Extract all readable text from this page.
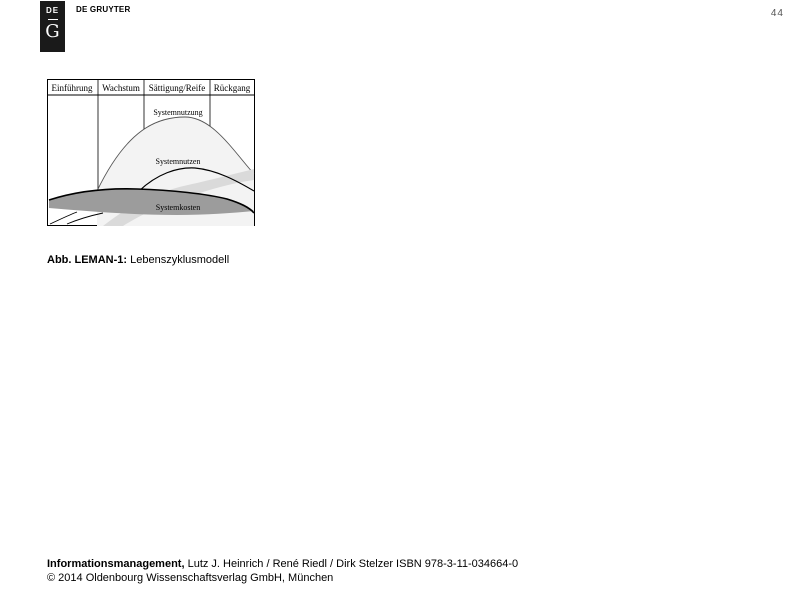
DE
G
DE GRUYTER	44
Einführung Wachstum Sättigung/Reife Rückgang
Systemnutzung
Systemnutzen
Systemkosten
Abb. LEMAN-1: Lebenszyklusmodell
Informationsmanagement, Lutz J. Heinrich / René Riedl / Dirk Stelzer ISBN 978-3-11-034664-0
© 2014 Oldenbourg Wissenschaftsverlag GmbH, München
